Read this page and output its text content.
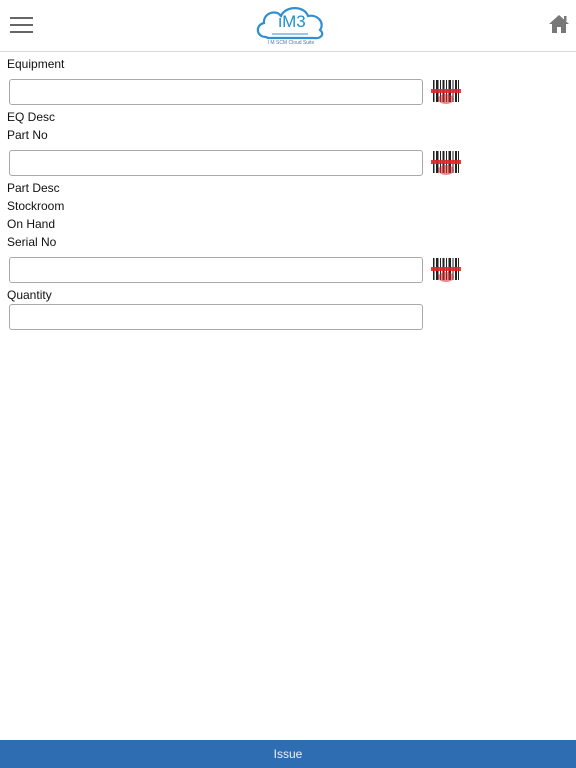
iM3
I M SCM Cloud Suite
Equipment
EQ Desc
Part No
Part Desc
Stockroom
On Hand
Serial No
Quantity
Issue
